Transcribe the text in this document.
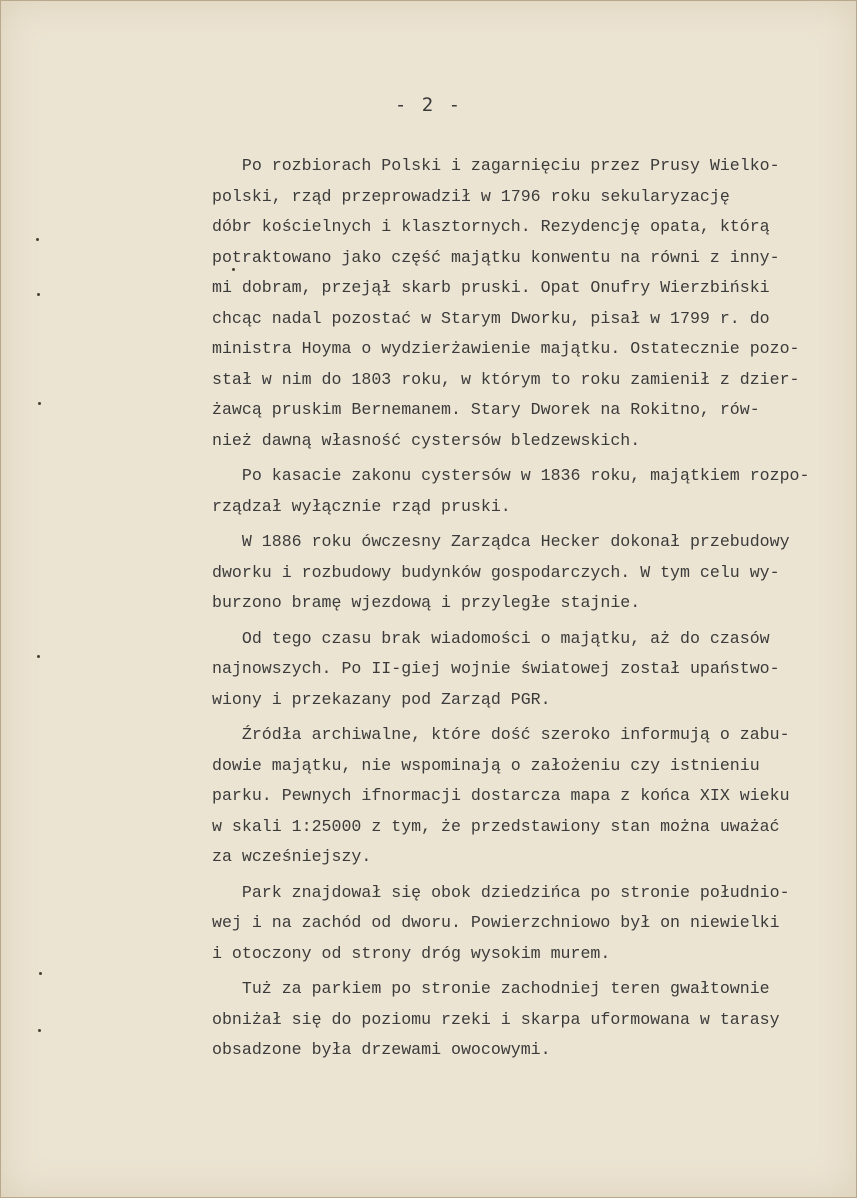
- 2 -
Po rozbiorach Polski i zagarnięciu przez Prusy Wielko-
polski, rząd przeprowadził w 1796 roku sekularyzację
dóbr kościelnych i klasztornych. Rezydencję opata, którą
potraktowano jako część majątku konwentu na równi z inny-
mi dobram, przejął skarb pruski. Opat Onufry Wierzbiński
chcąc nadal pozostać w Starym Dworku, pisał w 1799 r. do
ministra Hoyma o wydzierżawienie majątku. Ostatecznie pozo-
stał w nim do 1803 roku, w którym to roku zamienił z dzier-
żawcą pruskim Bernemanem. Stary Dworek na Rokitno, rów-
nież dawną własność cystersów bledzewskich.
Po kasacie zakonu cystersów w 1836 roku, majątkiem rozpo-
rządzał wyłącznie rząd pruski.
W 1886 roku ówczesny Zarządca Hecker dokonał przebudowy
dworku i rozbudowy budynków gospodarczych. W tym celu wy-
burzono bramę wjezdową i przyległe stajnie.
Od tego czasu brak wiadomości o majątku, aż do czasów
najnowszych. Po II-giej wojnie światowej został upaństwo-
wiony i przekazany pod Zarząd PGR.
Źródła archiwalne, które dość szeroko informują o zabu-
dowie majątku, nie wspominają o założeniu czy istnieniu
parku. Pewnych ifnormacji dostarcza mapa z końca XIX wieku
w skali 1:25000 z tym, że przedstawiony stan można uważać
za wcześniejszy.
Park znajdował się obok dziedzińca po stronie południo-
wej i na zachód od dworu. Powierzchniowo był on niewielki
i otoczony od strony dróg wysokim murem.
Tuż za parkiem po stronie zachodniej teren gwałtownie
obniżał się do poziomu rzeki i skarpa uformowana w tarasy
obsadzone była drzewami owocowymi.
